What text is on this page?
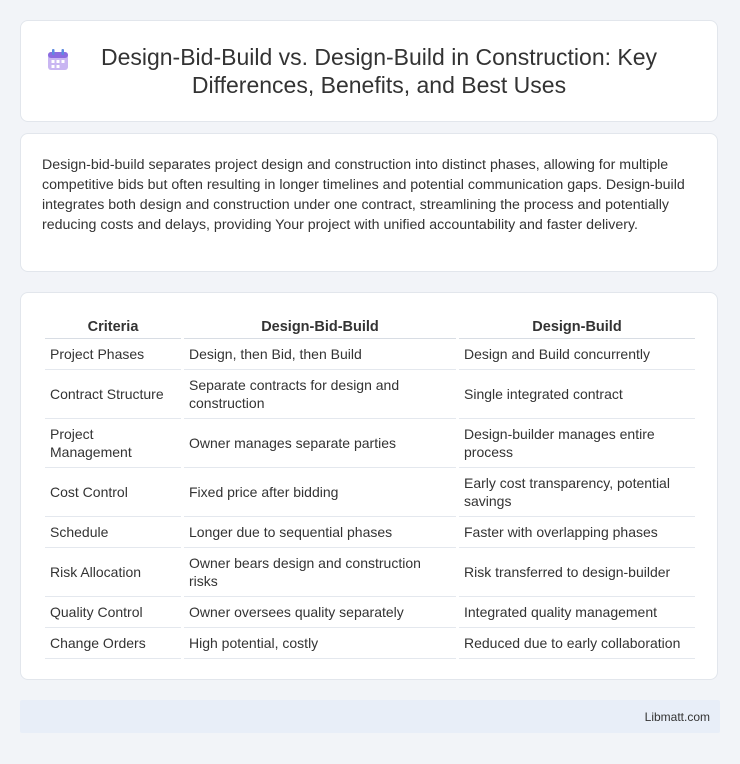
Design-Bid-Build vs. Design-Build in Construction: Key Differences, Benefits, and Best Uses

Design-bid-build separates project design and construction into distinct phases, allowing for multiple competitive bids but often resulting in longer timelines and potential communication gaps. Design-build integrates both design and construction under one contract, streamlining the process and potentially reducing costs and delays, providing Your project with unified accountability and faster delivery.

Criteria	Design-Bid-Build	Design-Build
Project Phases	Design, then Bid, then Build	Design and Build concurrently
Contract Structure	Separate contracts for design and construction	Single integrated contract
Project Management	Owner manages separate parties	Design-builder manages entire process
Cost Control	Fixed price after bidding	Early cost transparency, potential savings
Schedule	Longer due to sequential phases	Faster with overlapping phases
Risk Allocation	Owner bears design and construction risks	Risk transferred to design-builder
Quality Control	Owner oversees quality separately	Integrated quality management
Change Orders	High potential, costly	Reduced due to early collaboration
Libmatt.com
